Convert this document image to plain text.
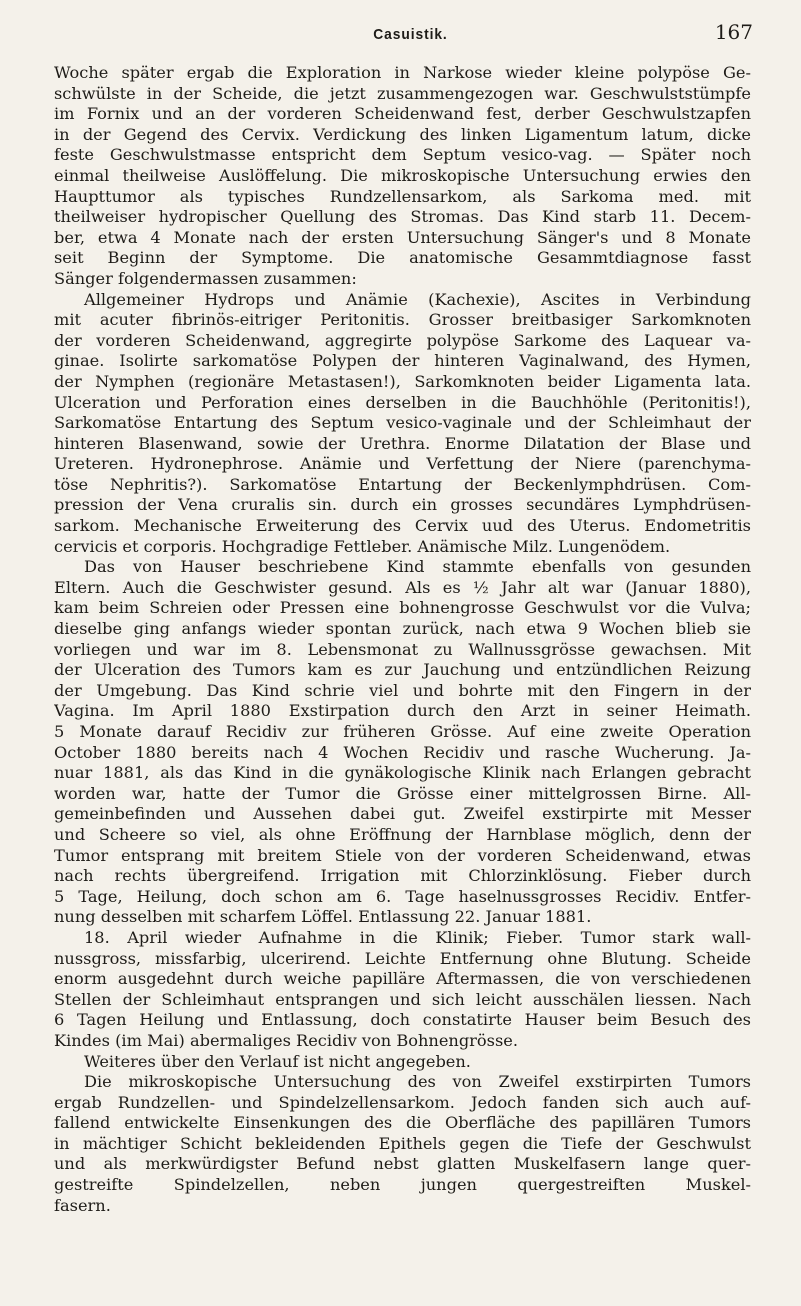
Casuistik.	167
Woche später ergab die Exploration in Narkose wieder kleine polypöse Ge-
schwülste in der Scheide, die jetzt zusammengezogen war. Geschwulststümpfe
im Fornix und an der vorderen Scheidenwand fest, derber Geschwulstzapfen
in der Gegend des Cervix. Verdickung des linken Ligamentum latum, dicke
feste Geschwulstmasse entspricht dem Septum vesico-vag. — Später noch
einmal theilweise Auslöffelung. Die mikroskopische Untersuchung erwies den
Haupttumor als typisches Rundzellensarkom, als Sarkoma med. mit
theilweiser hydropischer Quellung des Stromas. Das Kind starb 11. Decem-
ber, etwa 4 Monate nach der ersten Untersuchung Sänger's und 8 Monate
seit Beginn der Symptome. Die anatomische Gesammtdiagnose fasst
Sänger folgendermassen zusammen:
Allgemeiner Hydrops und Anämie (Kachexie), Ascites in Verbindung
mit acuter fibrinös-eitriger Peritonitis. Grosser breitbasiger Sarkomknoten
der vorderen Scheidenwand, aggregirte polypöse Sarkome des Laquear va-
ginae. Isolirte sarkomatöse Polypen der hinteren Vaginalwand, des Hymen,
der Nymphen (regionäre Metastasen!), Sarkomknoten beider Ligamenta lata.
Ulceration und Perforation eines derselben in die Bauchhöhle (Peritonitis!),
Sarkomatöse Entartung des Septum vesico-vaginale und der Schleimhaut der
hinteren Blasenwand, sowie der Urethra. Enorme Dilatation der Blase und
Ureteren. Hydronephrose. Anämie und Verfettung der Niere (parenchyma-
töse Nephritis?). Sarkomatöse Entartung der Beckenlymphdrüsen. Com-
pression der Vena cruralis sin. durch ein grosses secundäres Lymphdrüsen-
sarkom. Mechanische Erweiterung des Cervix uud des Uterus. Endometritis
cervicis et corporis. Hochgradige Fettleber. Anämische Milz. Lungenödem.
Das von Hauser beschriebene Kind stammte ebenfalls von gesunden
Eltern. Auch die Geschwister gesund. Als es ½ Jahr alt war (Januar 1880),
kam beim Schreien oder Pressen eine bohnengrosse Geschwulst vor die Vulva;
dieselbe ging anfangs wieder spontan zurück, nach etwa 9 Wochen blieb sie
vorliegen und war im 8. Lebensmonat zu Wallnussgrösse gewachsen. Mit
der Ulceration des Tumors kam es zur Jauchung und entzündlichen Reizung
der Umgebung. Das Kind schrie viel und bohrte mit den Fingern in der
Vagina. Im April 1880 Exstirpation durch den Arzt in seiner Heimath.
5 Monate darauf Recidiv zur früheren Grösse. Auf eine zweite Operation
October 1880 bereits nach 4 Wochen Recidiv und rasche Wucherung. Ja-
nuar 1881, als das Kind in die gynäkologische Klinik nach Erlangen gebracht
worden war, hatte der Tumor die Grösse einer mittelgrossen Birne. All-
gemeinbefinden und Aussehen dabei gut. Zweifel exstirpirte mit Messer
und Scheere so viel, als ohne Eröffnung der Harnblase möglich, denn der
Tumor entsprang mit breitem Stiele von der vorderen Scheidenwand, etwas
nach rechts übergreifend. Irrigation mit Chlorzinklösung. Fieber durch
5 Tage, Heilung, doch schon am 6. Tage haselnussgrosses Recidiv. Entfer-
nung desselben mit scharfem Löffel. Entlassung 22. Januar 1881.
18. April wieder Aufnahme in die Klinik; Fieber. Tumor stark wall-
nussgross, missfarbig, ulcerirend. Leichte Entfernung ohne Blutung. Scheide
enorm ausgedehnt durch weiche papilläre Aftermassen, die von verschiedenen
Stellen der Schleimhaut entsprangen und sich leicht ausschälen liessen. Nach
6 Tagen Heilung und Entlassung, doch constatirte Hauser beim Besuch des
Kindes (im Mai) abermaliges Recidiv von Bohnengrösse.
Weiteres über den Verlauf ist nicht angegeben.
Die mikroskopische Untersuchung des von Zweifel exstirpirten Tumors
ergab Rundzellen- und Spindelzellensarkom. Jedoch fanden sich auch auf-
fallend entwickelte Einsenkungen des die Oberfläche des papillären Tumors
in mächtiger Schicht bekleidenden Epithels gegen die Tiefe der Geschwulst
und als merkwürdigster Befund nebst glatten Muskelfasern lange quer-
gestreifte Spindelzellen, neben jungen quergestreiften Muskel-
fasern.
